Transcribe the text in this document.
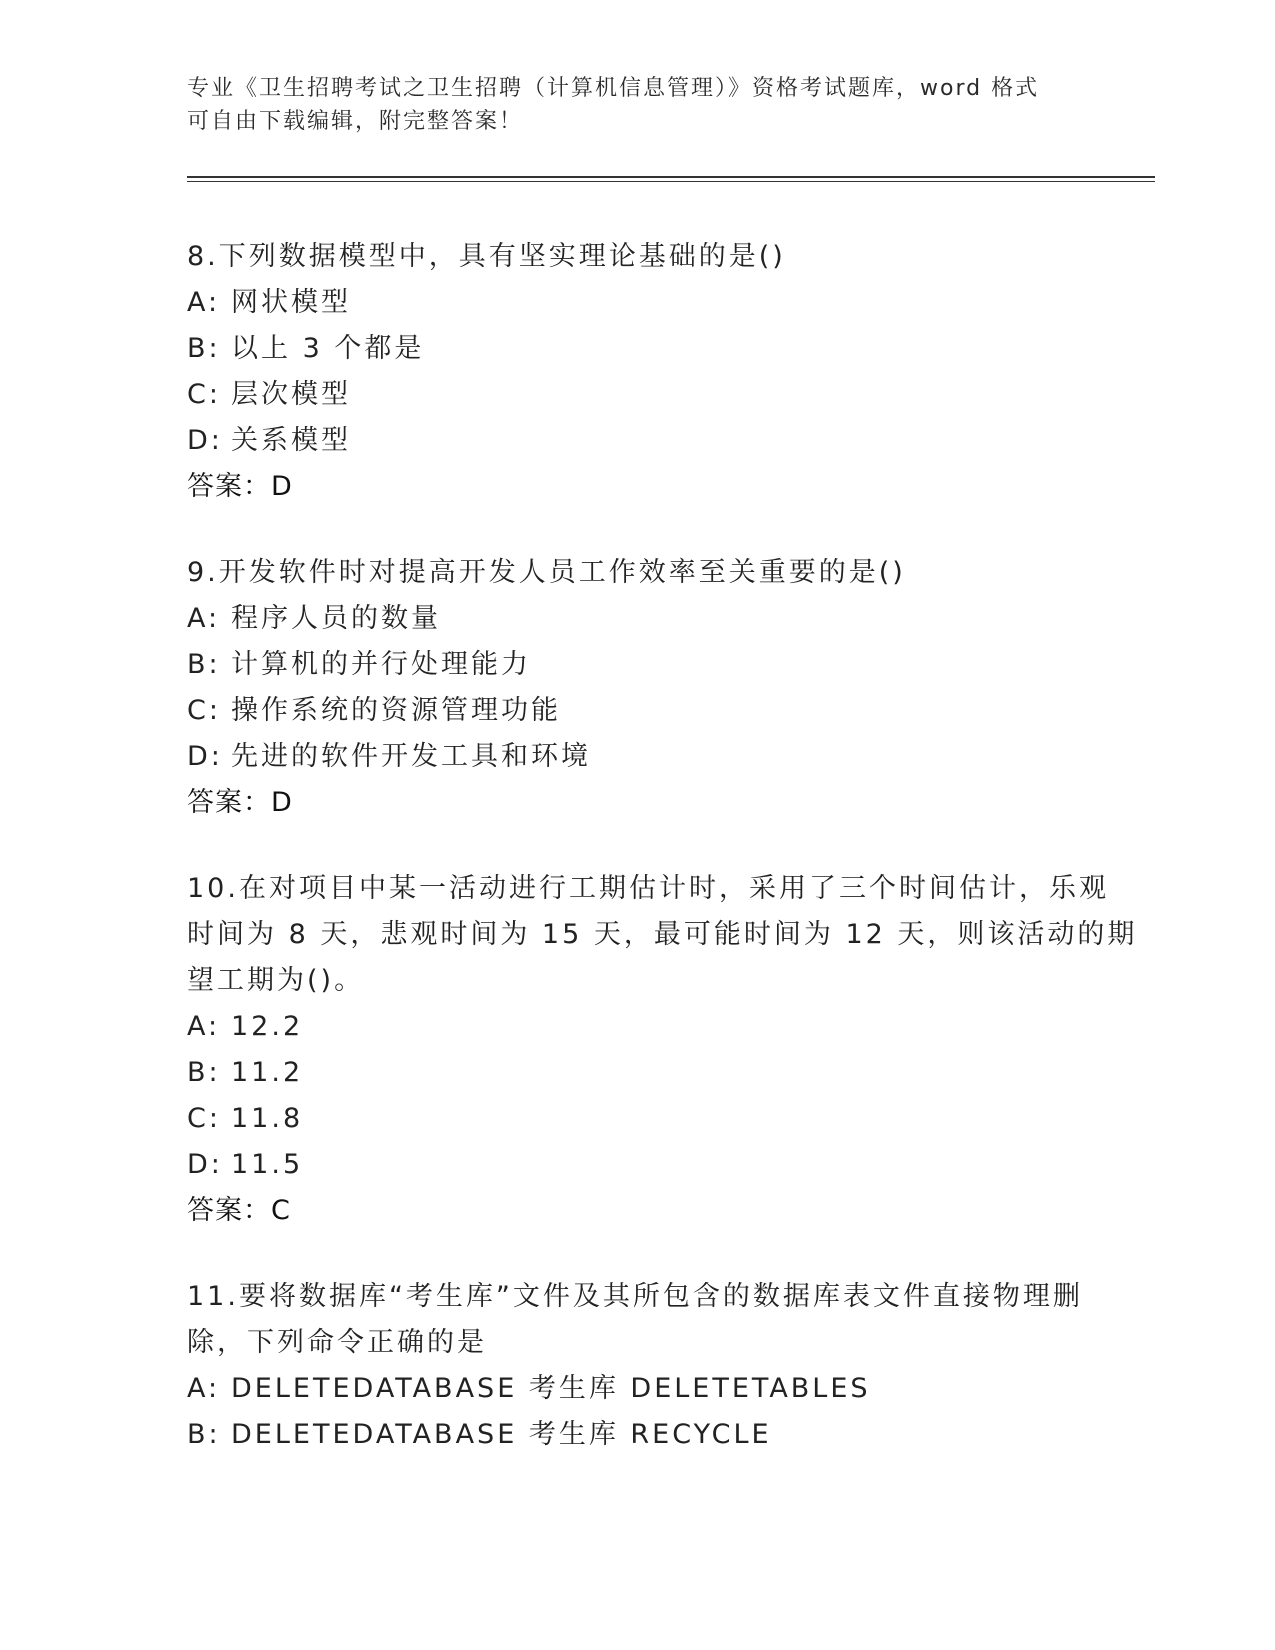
专业《卫生招聘考试之卫生招聘（计算机信息管理）》资格考试题库，word 格式
可自由下载编辑，附完整答案！
8.下列数据模型中，具有坚实理论基础的是()
A: 网状模型
B: 以上 3 个都是
C: 层次模型
D: 关系模型
答案：D
9.开发软件时对提高开发人员工作效率至关重要的是()
A: 程序人员的数量
B: 计算机的并行处理能力
C: 操作系统的资源管理功能
D: 先进的软件开发工具和环境
答案：D
10.在对项目中某一活动进行工期估计时，采用了三个时间估计，乐观
时间为 8 天，悲观时间为 15 天，最可能时间为 12 天，则该活动的期
望工期为()。
A: 12.2
B: 11.2
C: 11.8
D: 11.5
答案：C
11.要将数据库“考生库”文件及其所包含的数据库表文件直接物理删
除，下列命令正确的是
A: DELETEDATABASE 考生库 DELETETABLES
B: DELETEDATABASE 考生库 RECYCLE
